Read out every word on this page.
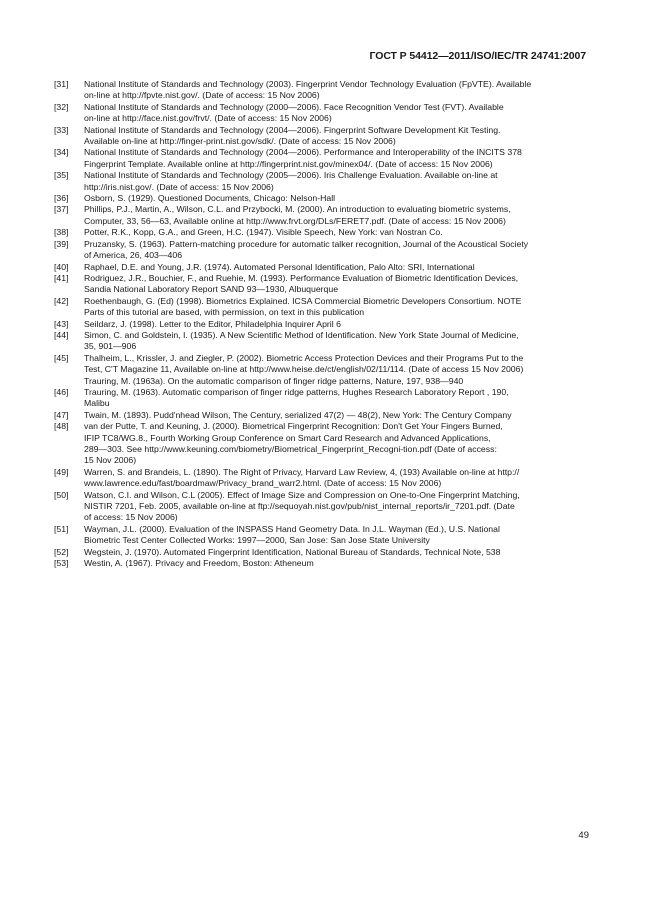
ГОСТ Р 54412—2011/ISO/IEC/TR 24741:2007
[31]	National Institute of Standards and Technology (2003). Fingerprint Vendor Technology Evaluation (FpVTE). Available
on-line at http://fpvte.nist.gov/. (Date of access: 15 Nov 2006)
[32]	National Institute of Standards and Technology (2000—2006). Face Recognition Vendor Test (FVT). Available
on-line at http://face.nist.gov/frvt/. (Date of access: 15 Nov 2006)
[33]	National Institute of Standards and Technology (2004—2006). Fingerprint Software Development Kit Testing.
Available on-line at http://finger-print.nist.gov/sdk/. (Date of access: 15 Nov 2006)
[34]	National Institute of Standards and Technology (2004—2006). Performance and Interoperability of the INCITS 378
Fingerprint Template. Available online at http://fingerprint.nist.gov/minex04/. (Date of access: 15 Nov 2006)
[35]	National Institute of Standards and Technology (2005—2006). Iris Challenge Evaluation. Available on-line at
http://iris.nist.gov/. (Date of access: 15 Nov 2006)
[36]	Osborn, S. (1929). Questioned Documents, Chicago: Nelson-Hall
[37]	Phillips, P.J., Martin, A., Wilson, C.L. and Przybocki, M. (2000). An introduction to evaluating biometric systems,
Computer, 33, 56—63, Available online at http://www.frvt.org/DLs/FERET7.pdf. (Date of access: 15 Nov 2006)
[38]	Potter, R.K., Kopp, G.A., and Green, H.C. (1947). Visible Speech, New York: van Nostran Co.
[39]	Pruzansky, S. (1963). Pattern-matching procedure for automatic talker recognition, Journal of the Acoustical Society
of America, 26, 403—406
[40]	Raphael, D.E. and Young, J.R. (1974). Automated Personal Identification, Palo Alto: SRI, International
[41]	Rodriguez, J.R., Bouchier, F., and Ruehie, M. (1993). Performance Evaluation of Biometric Identification Devices,
Sandia National Laboratory Report SAND 93—1930, Albuquerque
[42]	Roethenbaugh, G. (Ed) (1998). Biometrics Explained. ICSA Commercial Biometric Developers Consortium. NOTE
Parts of this tutorial are based, with permission, on text in this publication
[43]	Seildarz, J. (1998). Letter to the Editor, Philadelphia Inquirer April 6
[44]	Simon, C. and Goldstein, I. (1935). A New Scientific Method of Identification. New York State Journal of Medicine,
35, 901—906
[45]	Thalheim, L., Krissler, J. and Ziegler, P. (2002). Biometric Access Protection Devices and their Programs Put to the
Test, C'T Magazine 11, Available on-line at http://www.heise.de/ct/english/02/11/114. (Date of access 15 Nov 2006)
Trauring, M. (1963a). On the automatic comparison of finger ridge patterns, Nature, 197, 938—940
[46]	Trauring, M. (1963). Automatic comparison of finger ridge patterns, Hughes Research Laboratory Report , 190,
Malibu
[47]	Twain, M. (1893). Pudd'nhead Wilson, The Century, serialized 47(2) — 48(2), New York: The Century Company
[48]	van der Putte, T. and Keuning, J. (2000). Biometrical Fingerprint Recognition: Don't Get Your Fingers Burned,
IFIP TC8/WG.8., Fourth Working Group Conference on Smart Card Research and Advanced Applications,
289—303. See http://www.keuning.com/biometry/Biometrical_Fingerprint_Recogni-tion.pdf (Date of access:
15 Nov 2006)
[49]	Warren, S. and Brandeis, L. (1890). The Right of Privacy, Harvard Law Review, 4, (193) Available on-line at http://
www.lawrence.edu/fast/boardmaw/Privacy_brand_warr2.html. (Date of access: 15 Nov 2006)
[50]	Watson, C.I. and Wilson, C.L (2005). Effect of Image Size and Compression on One-to-One Fingerprint Matching,
NISTIR 7201, Feb. 2005, available on-line at ftp://sequoyah.nist.gov/pub/nist_internal_reports/ir_7201.pdf. (Date
of access: 15 Nov 2006)
[51]	Wayman, J.L. (2000). Evaluation of the INSPASS Hand Geometry Data. In J.L. Wayman (Ed.), U.S. National
Biometric Test Center Collected Works: 1997—2000, San Jose: San Jose State University
[52]	Wegstein, J. (1970). Automated Fingerprint Identification, National Bureau of Standards, Technical Note, 538
[53]	Westin, A. (1967). Privacy and Freedom, Boston: Atheneum
49
